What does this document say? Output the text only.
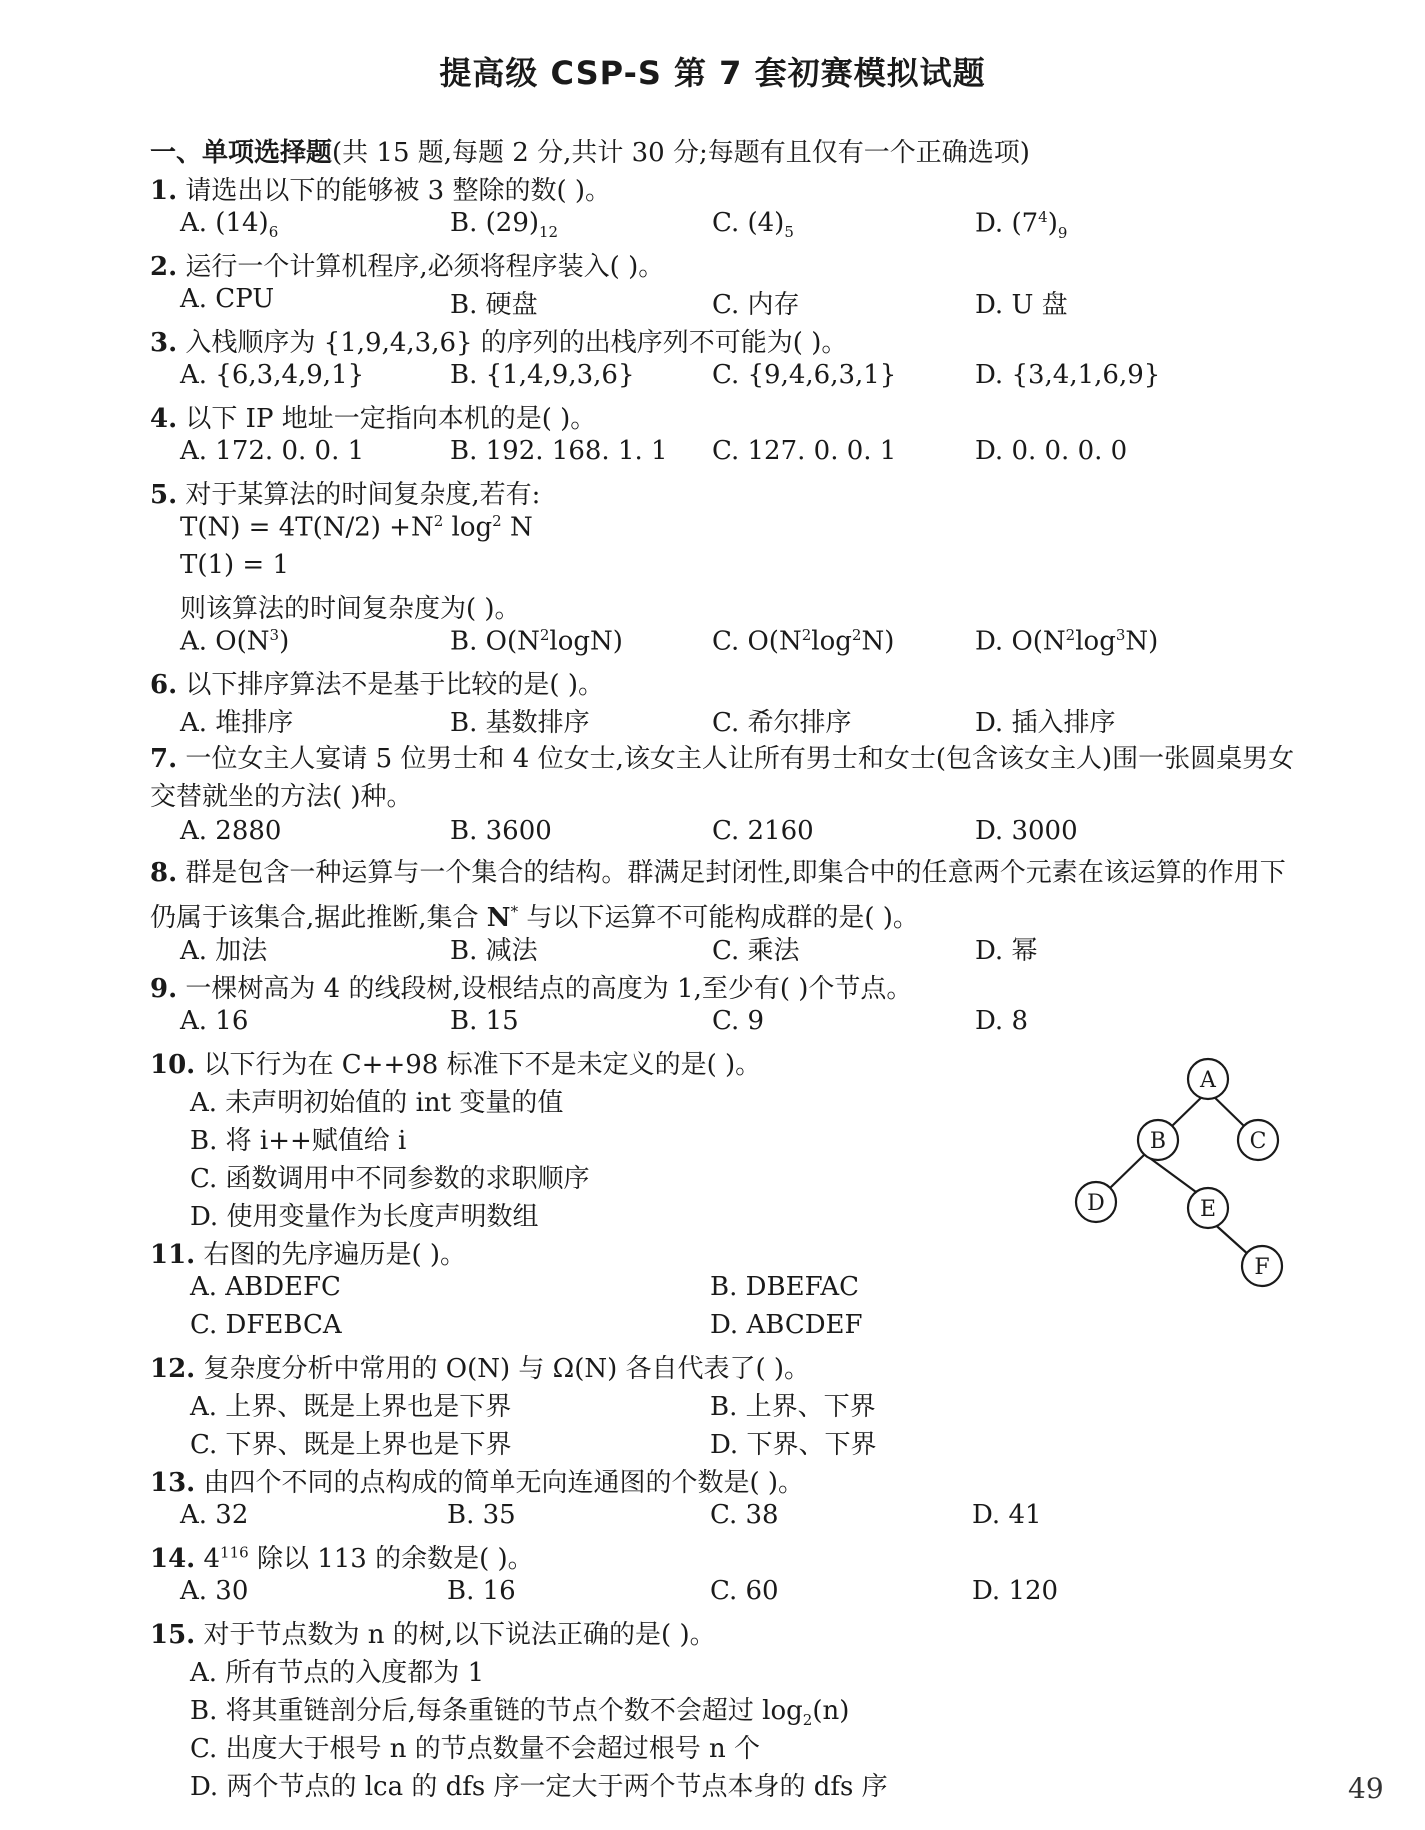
提高级 CSP-S 第 7 套初赛模拟试题
一、单项选择题(共 15 题,每题 2 分,共计 30 分;每题有且仅有一个正确选项)
1. 请选出以下的能够被 3 整除的数( )。
A. $(14)_6$	B. $(29)_{12}$	C. $(4)_5$	D. $(7^4)_9$
2. 运行一个计算机程序,必须将程序装入( )。
A. CPU	B. 硬盘	C. 内存	D. U 盘
3. 入栈顺序为 {1,9,4,3,6} 的序列的出栈序列不可能为( )。
A. {6,3,4,9,1}	B. {1,4,9,3,6}	C. {9,4,6,3,1}	D. {3,4,1,6,9}
4. 以下 IP 地址一定指向本机的是( )。
A. 172. 0. 0. 1	B. 192. 168. 1. 1 C. 127. 0. 0. 1	D. 0. 0. 0. 0
5. 对于某算法的时间复杂度,若有:
$T(N) = 4T(N/2) +N^2$ $\log^2 N$
T(1) = 1
则该算法的时间复杂度为( )。
A. $O(N^3)$	B. $O(N^2\log N)$	C. $O(N^2\log^2N)$	D. $O(N^2\log^3N)$
6. 以下排序算法不是基于比较的是( )。
A. 堆排序	B. 基数排序	C. 希尔排序	D. 插入排序
7. 一位女主人宴请 5 位男士和 4 位女士,该女主人让所有男士和女士(包含该女主人)围一张圆桌男女交替就坐的方法( )种。
A. 2880	B. 3600	C. 2160	D. 3000
8. 群是包含一种运算与一个集合的结构。群满足封闭性,即集合中的任意两个元素在该运算的作用下仍属于该集合,据此推断,集合 N* 与以下运算不可能构成群的是( )。
A. 加法	B. 减法	C. 乘法	D. 幂
9. 一棵树高为 4 的线段树,设根结点的高度为 1,至少有( )个节点。
A. 16	B. 15	C. 9	D. 8
10. 以下行为在 C++98 标准下不是未定义的是( )。
A. 未声明初始值的 int 变量的值
B. 将 i++赋值给 i
C. 函数调用中不同参数的求职顺序
D. 使用变量作为长度声明数组
11. 右图的先序遍历是( )。
A. ABDEFC	B. DBEFAC
C. DFEBCA	D. ABCDEF
12. 复杂度分析中常用的 O(N) 与 Ω(N) 各自代表了( )。
A. 上界、既是上界也是下界	B. 上界、下界
C. 下界、既是上界也是下界	D. 下界、下界
13. 由四个不同的点构成的简单无向连通图的个数是( )。
A. 32	B. 35	C. 38	D. 41
14. $4^{116}$ 除以 113 的余数是( )。
A. 30	B. 16	C. 60	D. 120
15. 对于节点数为 n 的树,以下说法正确的是( )。
A. 所有节点的入度都为 1
B. 将其重链剖分后,每条重链的节点个数不会超过 $\log_2(n)$
C. 出度大于根号 n 的节点数量不会超过根号 n 个
D. 两个节点的 lca 的 dfs 序一定大于两个节点本身的 dfs 序
A
B	C
D	E
F
49
